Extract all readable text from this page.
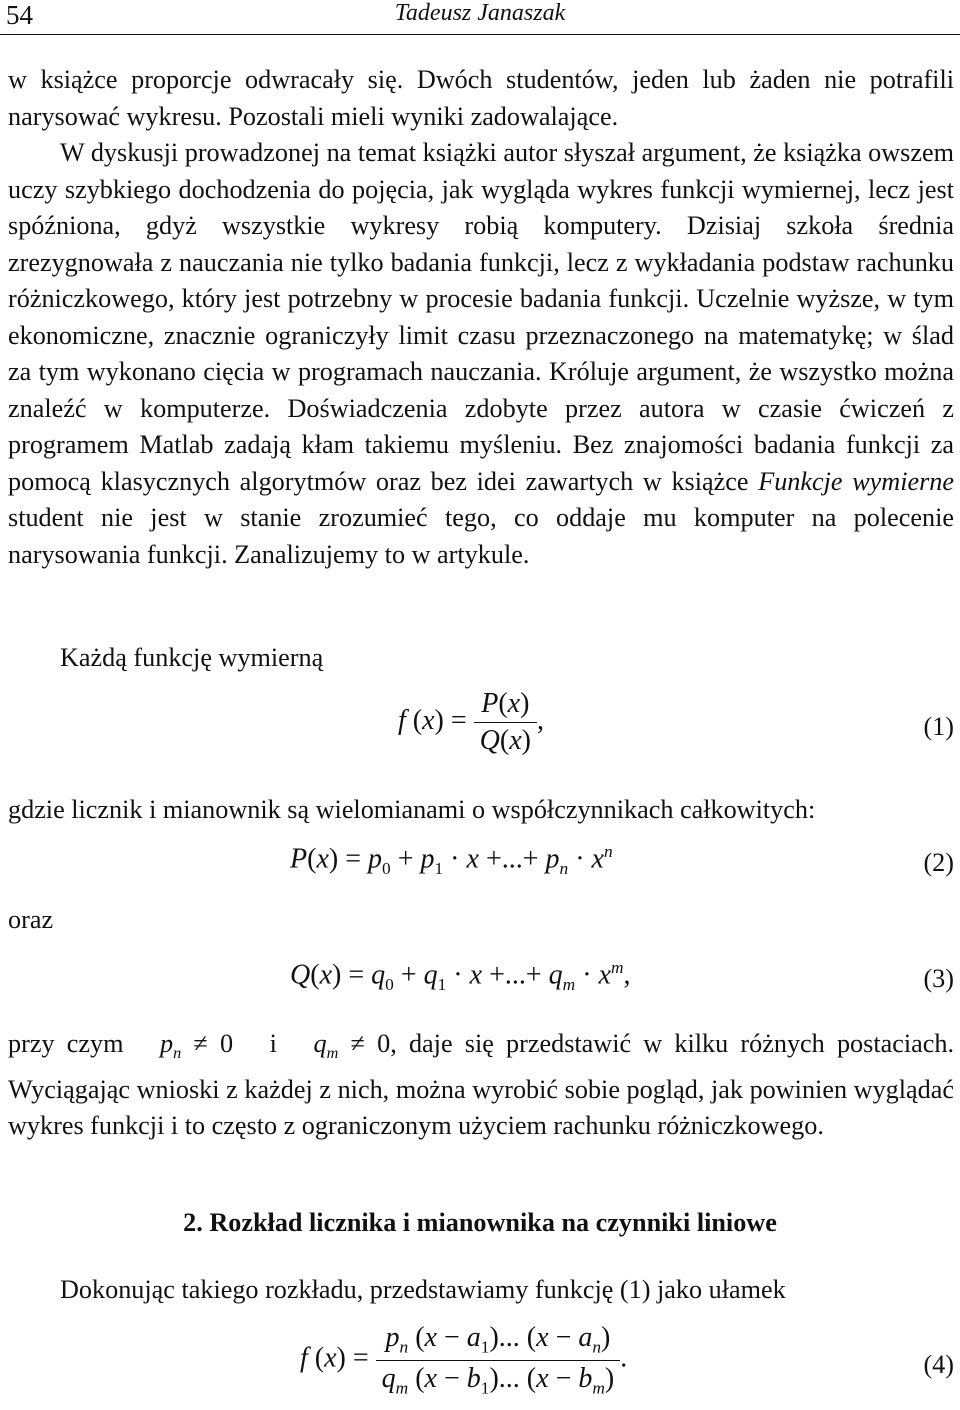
54	Tadeusz Janaszak

w książce proporcje odwracały się. Dwóch studentów, jeden lub żaden nie potrafili narysować wykresu. Pozostali mieli wyniki zadowalające.

W dyskusji prowadzonej na temat książki autor słyszał argument, że książka owszem uczy szybkiego dochodzenia do pojęcia, jak wygląda wykres funkcji wymiernej, lecz jest spóźniona, gdyż wszystkie wykresy robią komputery. Dzisiaj szkoła średnia zrezygnowała z nauczania nie tylko badania funkcji, lecz z wykładania podstaw rachunku różniczkowego, który jest potrzebny w procesie badania funkcji. Uczelnie wyższe, w tym ekonomiczne, znacznie ograniczyły limit czasu przeznaczonego na matematykę; w ślad za tym wykonano cięcia w programach nauczania. Króluje argument, że wszystko można znaleźć w komputerze. Doświadczenia zdobyte przez autora w czasie ćwiczeń z programem Matlab zadają kłam takiemu myśleniu. Bez znajomości badania funkcji za pomocą klasycznych algorytmów oraz bez idei zawartych w książce Funkcje wymierne student nie jest w stanie zrozumieć tego, co oddaje mu komputer na polecenie narysowania funkcji. Zanalizujemy to w artykule.

Każdą funkcję wymierną

f $(x) = \frac{P(x)}{Q(x)}$ ,	(1)

gdzie licznik i mianownik są wielomianami o współczynnikach całkowitych:

$P(x) = p_0 + p_1 \cdot x$ +...+ $p_n \cdot x^n$	(2)
oraz
$Q(x) = q_0 + q_1 \cdot x$ +...+ $q_m \cdot x^m$,	(3)

przy czym $p_n \ne 0$   i $q_m \ne 0$, daje się przedstawić w kilku różnych postaciach. Wyciągając wnioski z każdej z nich, można wyrobić sobie pogląd, jak powinien wyglądać wykres funkcji i to często z ograniczonym użyciem rachunku różniczkowego.

2. Rozkład licznika i mianownika na czynniki liniowe

Dokonując takiego rozkładu, przedstawiamy funkcję (1) jako ułamek

f $(x) = \frac{p_n (x - a_1)... (x - a_n)}{q_m (x - b_1)... (x - b_m)}$ .	(4)
